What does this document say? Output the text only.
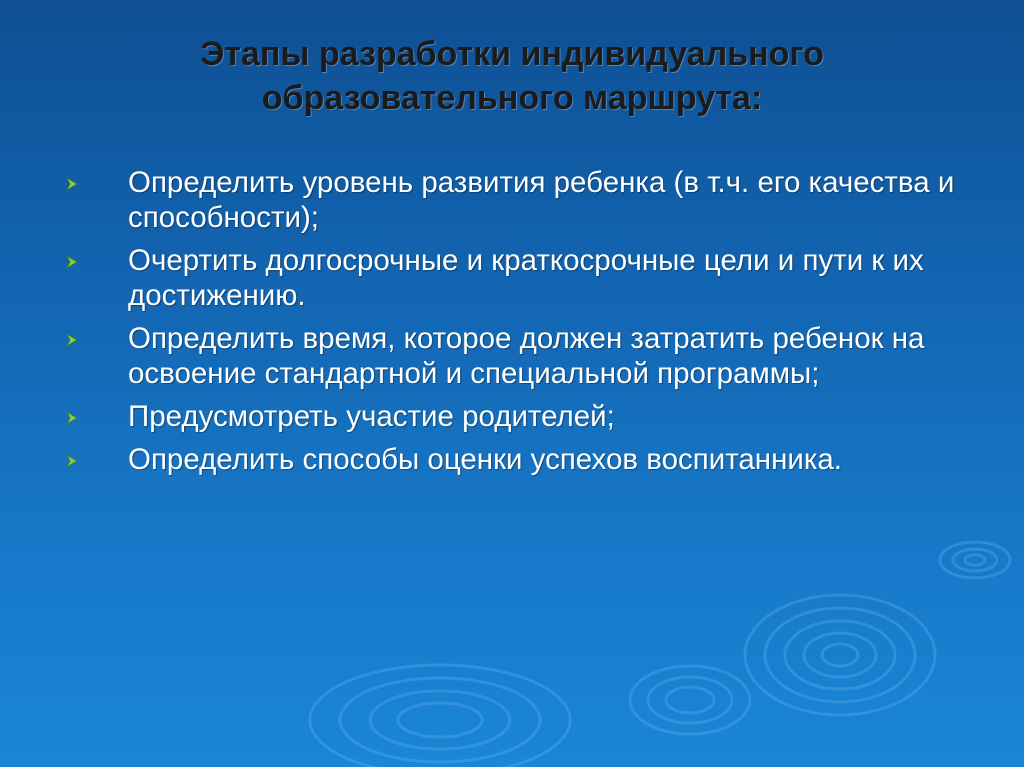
Этапы разработки индивидуального
образовательного маршрута:
Определить уровень развития ребенка (в т.ч. его качества и способности);
Очертить долгосрочные и краткосрочные цели и пути к их достижению.
Определить время, которое должен затратить ребенок на освоение стандартной и специальной программы;
Предусмотреть участие родителей;
Определить способы оценки успехов воспитанника.
